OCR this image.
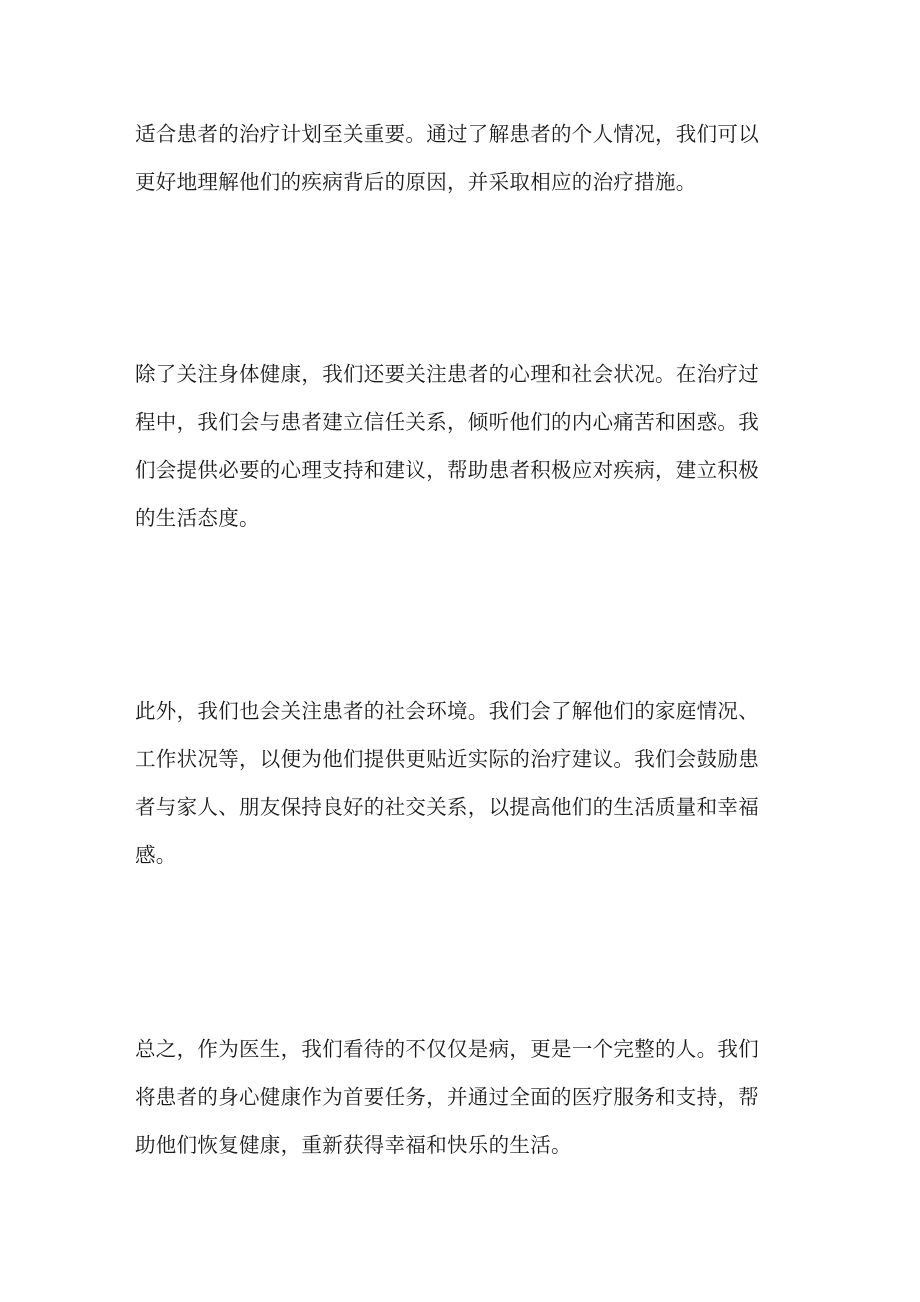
适合患者的治疗计划至关重要。通过了解患者的个人情况，我们可以
更好地理解他们的疾病背后的原因，并采取相应的治疗措施。

除了关注身体健康，我们还要关注患者的心理和社会状况。在治疗过
程中，我们会与患者建立信任关系，倾听他们的内心痛苦和困惑。我
们会提供必要的心理支持和建议，帮助患者积极应对疾病，建立积极
的生活态度。

此外，我们也会关注患者的社会环境。我们会了解他们的家庭情况、
工作状况等，以便为他们提供更贴近实际的治疗建议。我们会鼓励患
者与家人、朋友保持良好的社交关系，以提高他们的生活质量和幸福
感。

总之，作为医生，我们看待的不仅仅是病，更是一个完整的人。我们
将患者的身心健康作为首要任务，并通过全面的医疗服务和支持，帮
助他们恢复健康，重新获得幸福和快乐的生活。
